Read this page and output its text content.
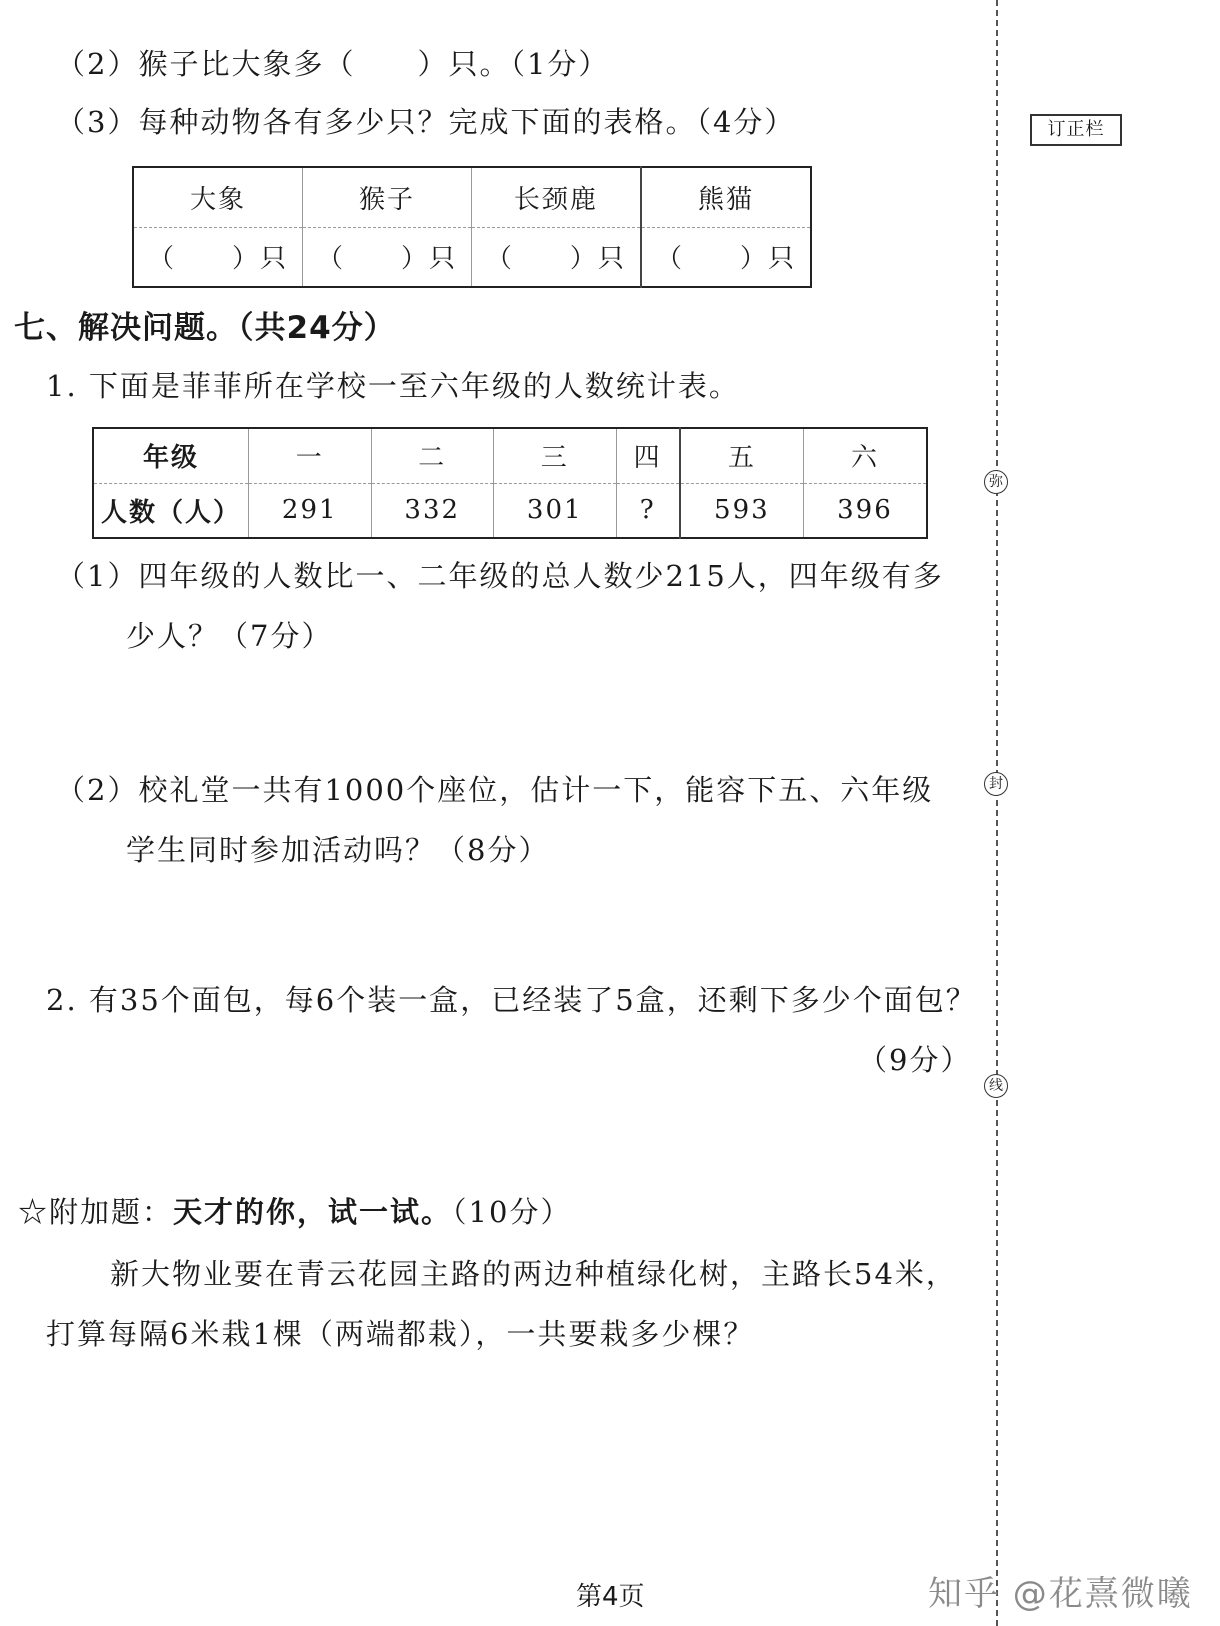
（2）猴子比大象多（　　）只。（1分）
（3）每种动物各有多少只？完成下面的表格。（4分）
大象	猴子	长颈鹿	熊猫
（　　）只	（　　）只	（　　）只	（　　）只
七、解决问题。（共24分）
1. 下面是菲菲所在学校一至六年级的人数统计表。
年级	一	二	三	四	五	六
人数（人）	291	332	301	?	593	396
（1）四年级的人数比一、二年级的总人数少215人，四年级有多
少人？（7分）
（2）校礼堂一共有1000个座位，估计一下，能容下五、六年级
学生同时参加活动吗？（8分）
2. 有35个面包，每6个装一盒，已经装了5盒，还剩下多少个面包？
（9分）
☆附加题：天才的你，试一试。（10分）
新大物业要在青云花园主路的两边种植绿化树，主路长54米，
打算每隔6米栽1棵（两端都栽），一共要栽多少棵？
订正栏
弥
封
线
第4页	知乎 @花熹微曦
